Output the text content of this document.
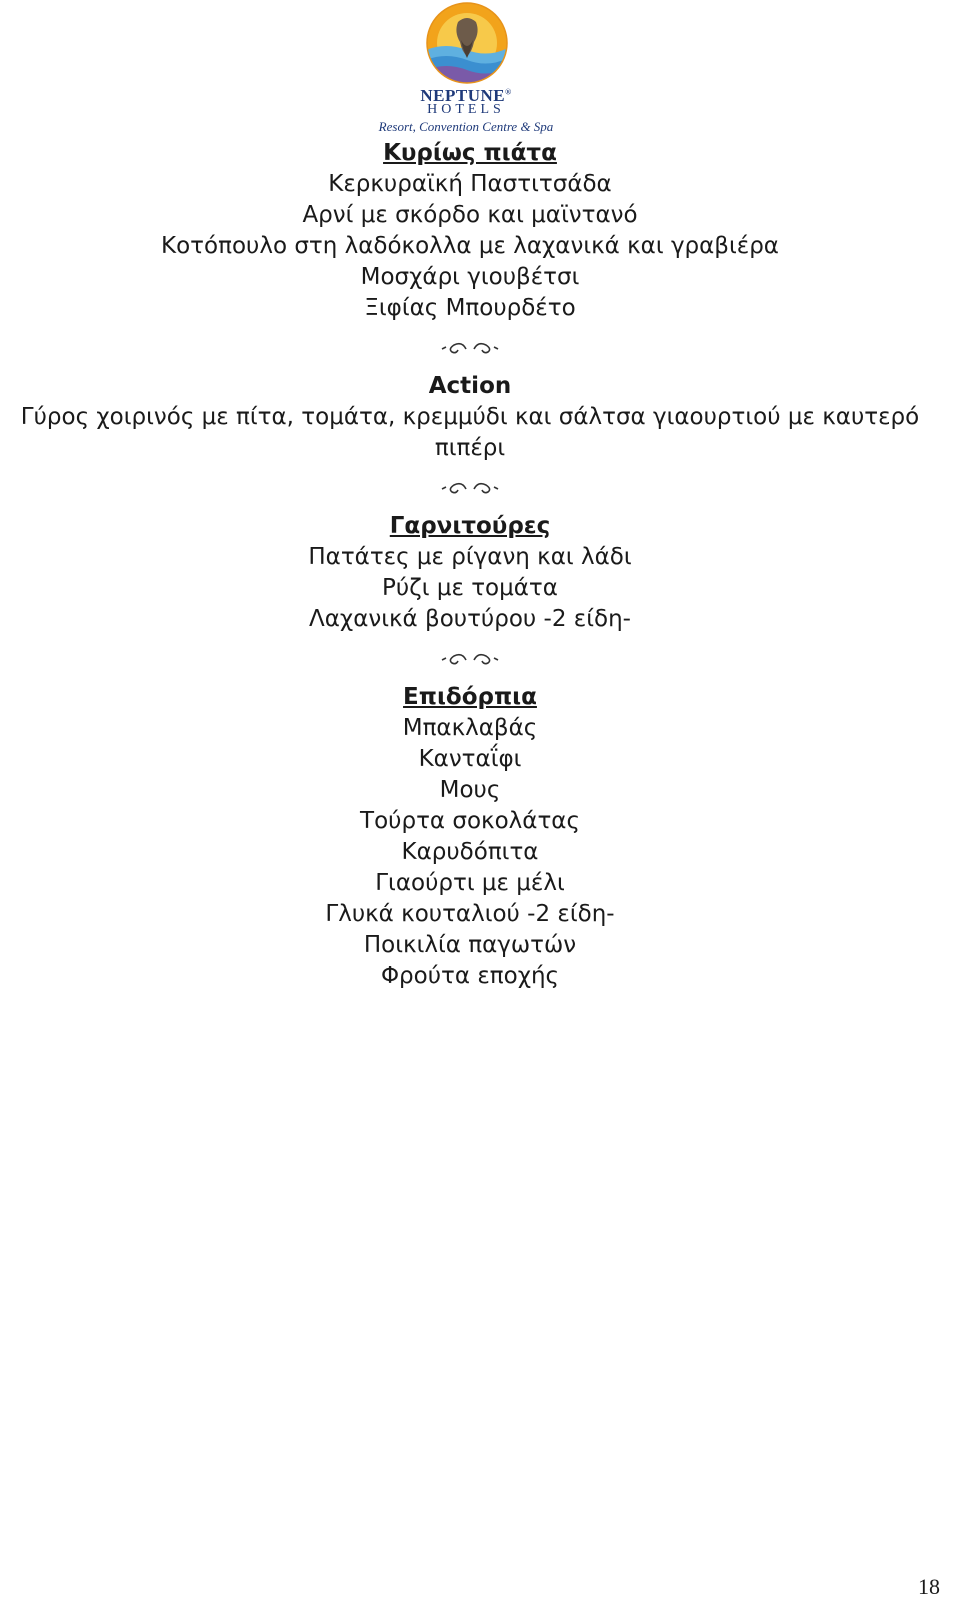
NEPTUNE®
HOTELS
Resort, Convention Centre & Spa
Κυρίως πιάτα
Κερκυραϊκή Παστιτσάδα
Αρνί με σκόρδο και μαϊντανό
Κοτόπουλο στη λαδόκολλα με λαχανικά και γραβιέρα
Μοσχάρι γιουβέτσι
Ξιφίας Μπουρδέτο
Action
Γύρος χοιρινός με πίτα, τομάτα, κρεμμύδι και σάλτσα γιαουρτιού με καυτερό πιπέρι
Γαρνιτούρες
Πατάτες με ρίγανη και λάδι
Ρύζι με τομάτα
Λαχανικά βουτύρου -2 είδη-
Επιδόρπια
Μπακλαβάς
Κανταΐφι
Μους
Τούρτα σοκολάτας
Καρυδόπιτα
Γιαούρτι με μέλι
Γλυκά κουταλιού -2 είδη-
Ποικιλία παγωτών
Φρούτα εποχής
18
